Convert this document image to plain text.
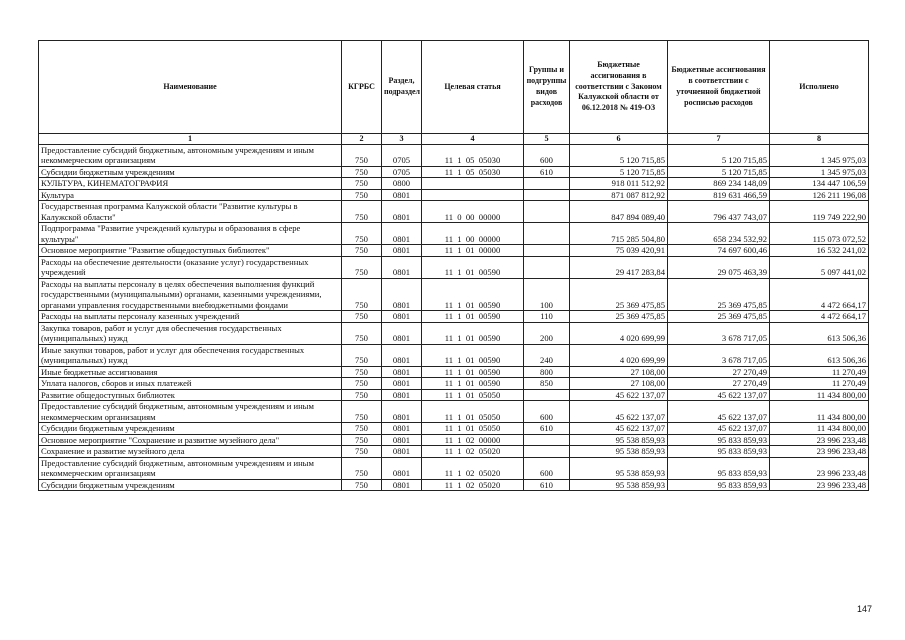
Наименование	КГРБС	Раздел, подраздел	Целевая статья	Группы и подгруппы видов расходов	Бюджетные ассигнования в соответствии с Законом Калужской области от 06.12.2018 № 419-ОЗ	Бюджетные ассигнования в соответствии с уточненной бюджетной росписью расходов	Исполнено
1	2	3	4	5	6	7	8
Предоставление субсидий бюджетным, автономным учреждениям и иным некоммерческим организациям	750	0705	11  1  05  05030	600	5 120 715,85	5 120 715,85	1 345 975,03
Субсидии бюджетным учреждениям	750	0705	11  1  05  05030	610	5 120 715,85	5 120 715,85	1 345 975,03
КУЛЬТУРА, КИНЕМАТОГРАФИЯ	750	0800			918 011 512,92	869 234 148,09	134 447 106,59
Культура	750	0801			871 087 812,92	819 631 466,59	126 211 196,08
Государственная программа Калужской области "Развитие культуры в Калужской области"	750	0801	11  0  00  00000		847 894 089,40	796 437 743,07	119 749 222,90
Подпрограмма "Развитие учреждений культуры и образования в сфере культуры"	750	0801	11  1  00  00000		715 285 504,80	658 234 532,92	115 073 072,52
Основное мероприятие "Развитие общедоступных библиотек"	750	0801	11  1  01  00000		75 039 420,91	74 697 600,46	16 532 241,02
Расходы на обеспечение деятельности (оказание услуг) государственных учреждений	750	0801	11  1  01  00590		29 417 283,84	29 075 463,39	5 097 441,02
Расходы на выплаты персоналу в целях обеспечения выполнения функций государственными (муниципальными) органами, казенными учреждениями, органами управления государственными внебюджетными фондами	750	0801	11  1  01  00590	100	25 369 475,85	25 369 475,85	4 472 664,17
Расходы на выплаты персоналу казенных учреждений	750	0801	11  1  01  00590	110	25 369 475,85	25 369 475,85	4 472 664,17
Закупка товаров, работ и услуг для обеспечения государственных (муниципальных) нужд	750	0801	11  1  01  00590	200	4 020 699,99	3 678 717,05	613 506,36
Иные закупки товаров, работ и услуг для обеспечения государственных (муниципальных) нужд	750	0801	11  1  01  00590	240	4 020 699,99	3 678 717,05	613 506,36
Иные бюджетные ассигнования	750	0801	11  1  01  00590	800	27 108,00	27 270,49	11 270,49
Уплата налогов, сборов и иных платежей	750	0801	11  1  01  00590	850	27 108,00	27 270,49	11 270,49
Развитие общедоступных библиотек	750	0801	11  1  01  05050		45 622 137,07	45 622 137,07	11 434 800,00
Предоставление субсидий бюджетным, автономным учреждениям и иным некоммерческим организациям	750	0801	11  1  01  05050	600	45 622 137,07	45 622 137,07	11 434 800,00
Субсидии бюджетным учреждениям	750	0801	11  1  01  05050	610	45 622 137,07	45 622 137,07	11 434 800,00
Основное мероприятие "Сохранение и развитие музейного дела"	750	0801	11  1  02  00000		95 538 859,93	95 833 859,93	23 996 233,48
Сохранение и развитие музейного дела	750	0801	11  1  02  05020		95 538 859,93	95 833 859,93	23 996 233,48
Предоставление субсидий бюджетным, автономным учреждениям и иным некоммерческим организациям	750	0801	11  1  02  05020	600	95 538 859,93	95 833 859,93	23 996 233,48
Субсидии бюджетным учреждениям	750	0801	11  1  02  05020	610	95 538 859,93	95 833 859,93	23 996 233,48
147
